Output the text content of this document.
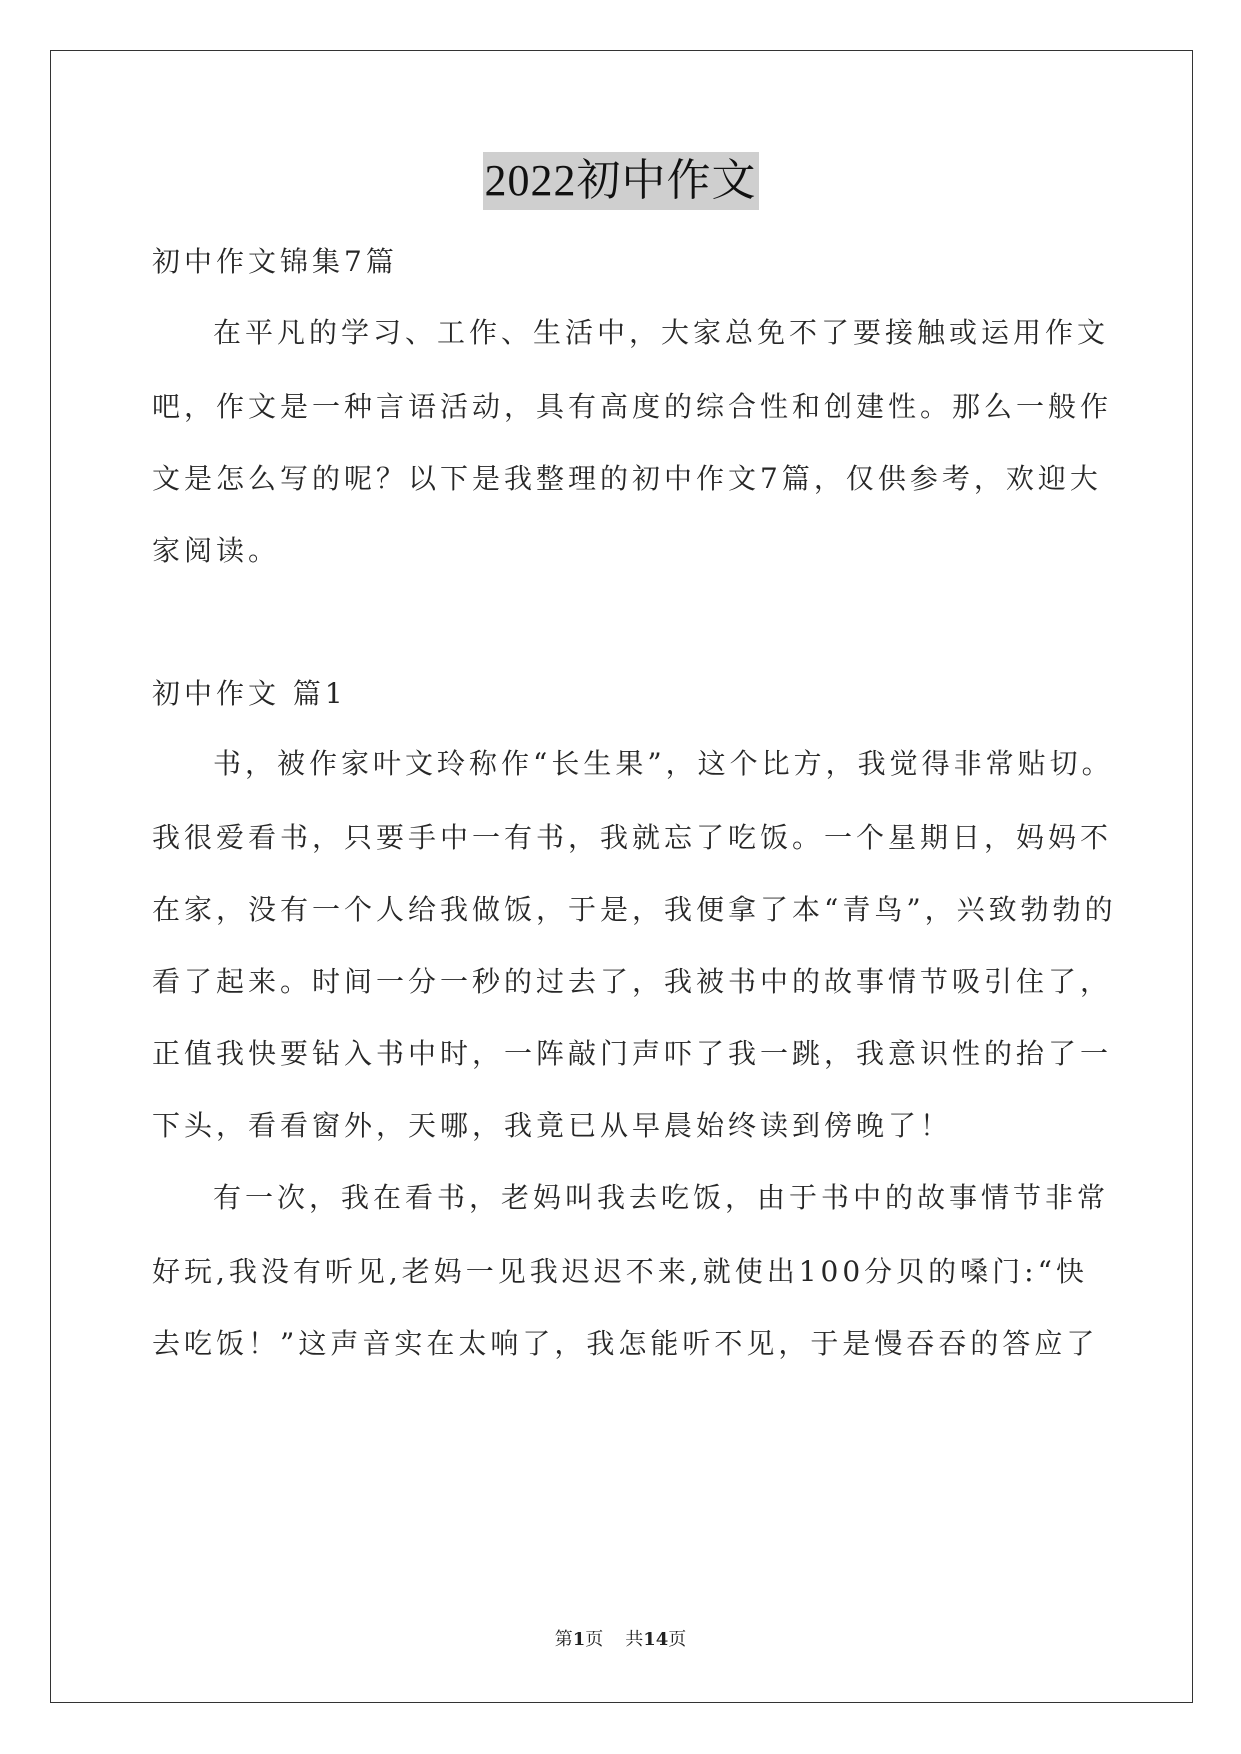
2022初中作文
初中作文锦集7篇
在平凡的学习、工作、生活中，大家总免不了要接触或运用作文
吧，作文是一种言语活动，具有高度的综合性和创建性。那么一般作
文是怎么写的呢？以下是我整理的初中作文7篇，仅供参考，欢迎大
家阅读。
初中作文 篇1
书，被作家叶文玲称作“长生果”，这个比方，我觉得非常贴切。
我很爱看书，只要手中一有书，我就忘了吃饭。一个星期日，妈妈不
在家，没有一个人给我做饭，于是，我便拿了本“青鸟”，兴致勃勃的
看了起来。时间一分一秒的过去了，我被书中的故事情节吸引住了，
正值我快要钻入书中时，一阵敲门声吓了我一跳，我意识性的抬了一
下头，看看窗外，天哪，我竟已从早晨始终读到傍晚了！
有一次，我在看书，老妈叫我去吃饭，由于书中的故事情节非常
好玩,我没有听见,老妈一见我迟迟不来,就使出100分贝的嗓门:“快
去吃饭！”这声音实在太响了，我怎能听不见，于是慢吞吞的答应了
第1页 共14页
